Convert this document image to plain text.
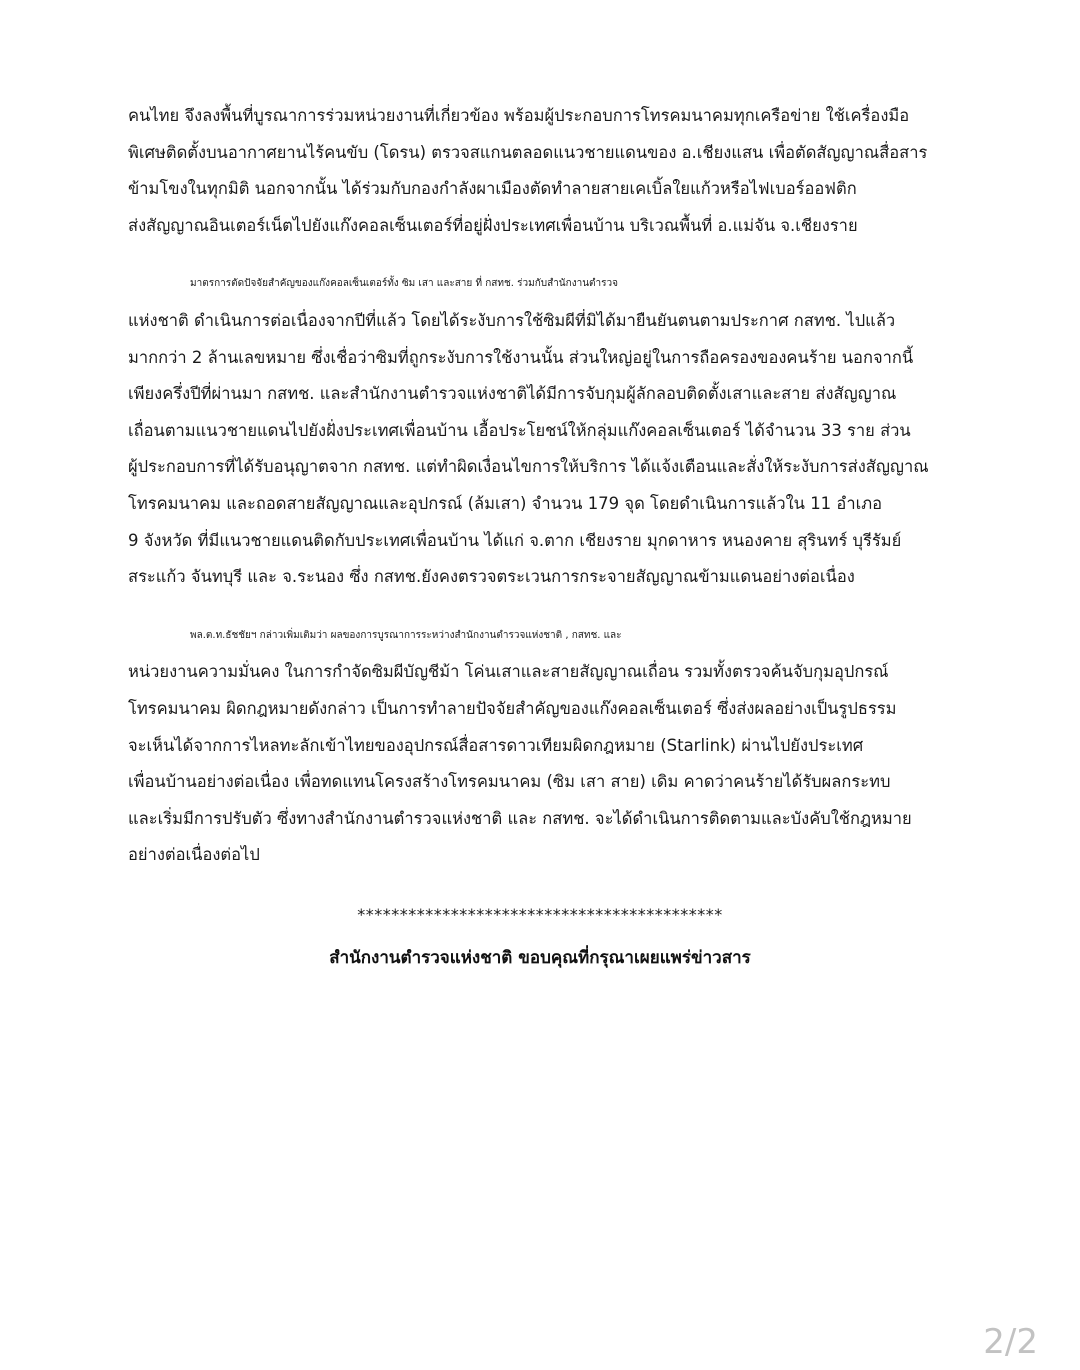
คนไทย จึงลงพื้นที่บูรณาการร่วมหน่วยงานที่เกี่ยวข้อง พร้อมผู้ประกอบการโทรคมนาคมทุกเครือข่าย ใช้เครื่องมือ
พิเศษติดตั้งบนอากาศยานไร้คนขับ (โดรน) ตรวจสแกนตลอดแนวชายแดนของ อ.เชียงแสน เพื่อตัดสัญญาณสื่อสาร
ข้ามโขงในทุกมิติ นอกจากนั้น ได้ร่วมกับกองกำลังผาเมืองตัดทำลายสายเคเบิ้ลใยแก้วหรือไฟเบอร์ออฟติก
ส่งสัญญาณอินเตอร์เน็ตไปยังแก๊งคอลเซ็นเตอร์ที่อยู่ฝั่งประเทศเพื่อนบ้าน บริเวณพื้นที่ อ.แม่จัน จ.เชียงราย

มาตรการตัดปัจจัยสำคัญของแก๊งคอลเซ็นเตอร์ทั้ง ซิม เสา และสาย ที่ กสทช. ร่วมกับสำนักงานตำรวจ
แห่งชาติ ดำเนินการต่อเนื่องจากปีที่แล้ว โดยได้ระงับการใช้ซิมผีที่มิได้มายืนยันตนตามประกาศ กสทช. ไปแล้ว
มากกว่า 2 ล้านเลขหมาย ซึ่งเชื่อว่าซิมที่ถูกระงับการใช้งานนั้น ส่วนใหญ่อยู่ในการถือครองของคนร้าย นอกจากนี้
เพียงครึ่งปีที่ผ่านมา กสทช. และสำนักงานตำรวจแห่งชาติได้มีการจับกุมผู้ลักลอบติดตั้งเสาและสาย ส่งสัญญาณ
เถื่อนตามแนวชายแดนไปยังฝั่งประเทศเพื่อนบ้าน เอื้อประโยชน์ให้กลุ่มแก๊งคอลเซ็นเตอร์ ได้จำนวน 33 ราย ส่วน
ผู้ประกอบการที่ได้รับอนุญาตจาก กสทช. แต่ทำผิดเงื่อนไขการให้บริการ ได้แจ้งเตือนและสั่งให้ระงับการส่งสัญญาณ
โทรคมนาคม และถอดสายสัญญาณและอุปกรณ์ (ล้มเสา) จำนวน 179 จุด โดยดำเนินการแล้วใน 11 อำเภอ
9 จังหวัด ที่มีแนวชายแดนติดกับประเทศเพื่อนบ้าน ได้แก่ จ.ตาก เชียงราย มุกดาหาร หนองคาย สุรินทร์ บุรีรัมย์
สระแก้ว จันทบุรี และ จ.ระนอง ซึ่ง กสทช.ยังคงตรวจตระเวนการกระจายสัญญาณข้ามแดนอย่างต่อเนื่อง

พล.ต.ท.ธัชชัยฯ กล่าวเพิ่มเติมว่า ผลของการบูรณาการระหว่างสำนักงานตำรวจแห่งชาติ , กสทช. และ
หน่วยงานความมั่นคง ในการกำจัดซิมผีบัญชีม้า โค่นเสาและสายสัญญาณเถื่อน รวมทั้งตรวจค้นจับกุมอุปกรณ์
โทรคมนาคม ผิดกฎหมายดังกล่าว เป็นการทำลายปัจจัยสำคัญของแก๊งคอลเซ็นเตอร์ ซึ่งส่งผลอย่างเป็นรูปธรรม
จะเห็นได้จากการไหลทะลักเข้าไทยของอุปกรณ์สื่อสารดาวเทียมผิดกฎหมาย (Starlink) ผ่านไปยังประเทศ
เพื่อนบ้านอย่างต่อเนื่อง เพื่อทดแทนโครงสร้างโทรคมนาคม (ซิม เสา สาย) เดิม คาดว่าคนร้ายได้รับผลกระทบ
และเริ่มมีการปรับตัว ซึ่งทางสำนักงานตำรวจแห่งชาติ และ กสทช. จะได้ดำเนินการติดตามและบังคับใช้กฎหมาย
อย่างต่อเนื่องต่อไป

*******************************************
สำนักงานตำรวจแห่งชาติ ขอบคุณที่กรุณาเผยแพร่ข่าวสาร
2/2
